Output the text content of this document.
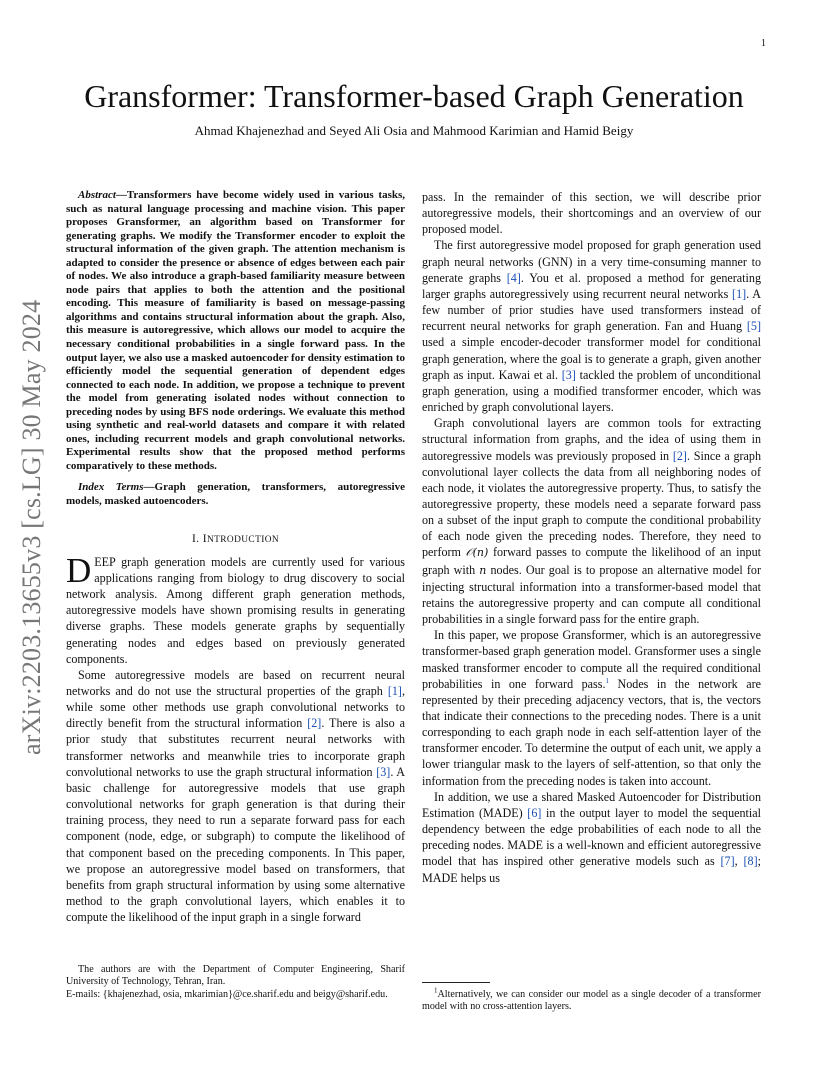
1
arXiv:2203.13655v3 [cs.LG] 30 May 2024
Gransformer: Transformer-based Graph Generation
Ahmad Khajenezhad and Seyed Ali Osia and Mahmood Karimian and Hamid Beigy

Abstract—Transformers have become widely used in various tasks, such as natural language processing and machine vision. This paper proposes Gransformer, an algorithm based on Transformer for generating graphs. We modify the Transformer encoder to exploit the structural information of the given graph. The attention mechanism is adapted to consider the presence or absence of edges between each pair of nodes. We also introduce a graph-based familiarity measure between node pairs that applies to both the attention and the positional encoding. This measure of familiarity is based on message-passing algorithms and contains structural information about the graph. Also, this measure is autoregressive, which allows our model to acquire the necessary conditional probabilities in a single forward pass. In the output layer, we also use a masked autoencoder for density estimation to efficiently model the sequential generation of dependent edges connected to each node. In addition, we propose a technique to prevent the model from generating isolated nodes without connection to preceding nodes by using BFS node orderings. We evaluate this method using synthetic and real-world datasets and compare it with related ones, including recurrent models and graph convolutional networks. Experimental results show that the proposed method performs comparatively to these methods.

Index Terms—Graph generation, transformers, autoregressive models, masked autoencoders.

I. INTRODUCTION

DEEP graph generation models are currently used for various applications ranging from biology to drug discovery to social network analysis. Among different graph generation methods, autoregressive models have shown promising results in generating diverse graphs. These models generate graphs by sequentially generating nodes and edges based on previously generated components.

Some autoregressive models are based on recurrent neural networks and do not use the structural properties of the graph [1], while some other methods use graph convolutional networks to directly benefit from the structural information [2]. There is also a prior study that substitutes recurrent neural networks with transformer networks and meanwhile tries to incorporate graph convolutional networks to use the graph structural information [3]. A basic challenge for autoregressive models that use graph convolutional networks for graph generation is that during their training process, they need to run a separate forward pass for each component (node, edge, or subgraph) to compute the likelihood of that component based on the preceding components. In This paper, we propose an autoregressive model based on transformers, that benefits from graph structural information by using some alternative method to the graph convolutional layers, which enables it to compute the likelihood of the input graph in a single forward

pass. In the remainder of this section, we will describe prior autoregressive models, their shortcomings and an overview of our proposed model.

The first autoregressive model proposed for graph generation used graph neural networks (GNN) in a very time-consuming manner to generate graphs [4]. You et al. proposed a method for generating larger graphs autoregressively using recurrent neural networks [1]. A few number of prior studies have used transformers instead of recurrent neural networks for graph generation. Fan and Huang [5] used a simple encoder-decoder transformer model for conditional graph generation, where the goal is to generate a graph, given another graph as input. Kawai et al. [3] tackled the problem of unconditional graph generation, using a modified transformer encoder, which was enriched by graph convolutional layers.

Graph convolutional layers are common tools for extracting structural information from graphs, and the idea of using them in autoregressive models was previously proposed in [2]. Since a graph convolutional layer collects the data from all neighboring nodes of each node, it violates the autoregressive property. Thus, to satisfy the autoregressive property, these models need a separate forward pass on a subset of the input graph to compute the conditional probability of each node given the preceding nodes. Therefore, they need to perform 𝒪(n) forward passes to compute the likelihood of an input graph with n nodes. Our goal is to propose an alternative model for injecting structural information into a transformer-based model that retains the autoregressive property and can compute all conditional probabilities in a single forward pass for the entire graph.

In this paper, we propose Gransformer, which is an autoregressive transformer-based graph generation model. Gransformer uses a single masked transformer encoder to compute all the required conditional probabilities in one forward pass.$^1$ Nodes in the network are represented by their preceding adjacency vectors, that is, the vectors that indicate their connections to the preceding nodes. There is a unit corresponding to each graph node in each self-attention layer of the transformer encoder. To determine the output of each unit, we apply a lower triangular mask to the layers of self-attention, so that only the information from the preceding nodes is taken into account.

In addition, we use a shared Masked Autoencoder for Distribution Estimation (MADE) [6] in the output layer to model the sequential dependency between the edge probabilities of each node to all the preceding nodes. MADE is a well-known and efficient autoregressive model that has inspired other generative models such as [7], [8]; MADE helps us

The authors are with the Department of Computer Engineering, Sharif University of Technology, Tehran, Iran.

E-mails: {khajenezhad, osia, mkarimian}@ce.sharif.edu and beigy@sharif.edu.	$^1$Alternatively, we can consider our model as a single decoder of a transformer model with no cross-attention layers.
